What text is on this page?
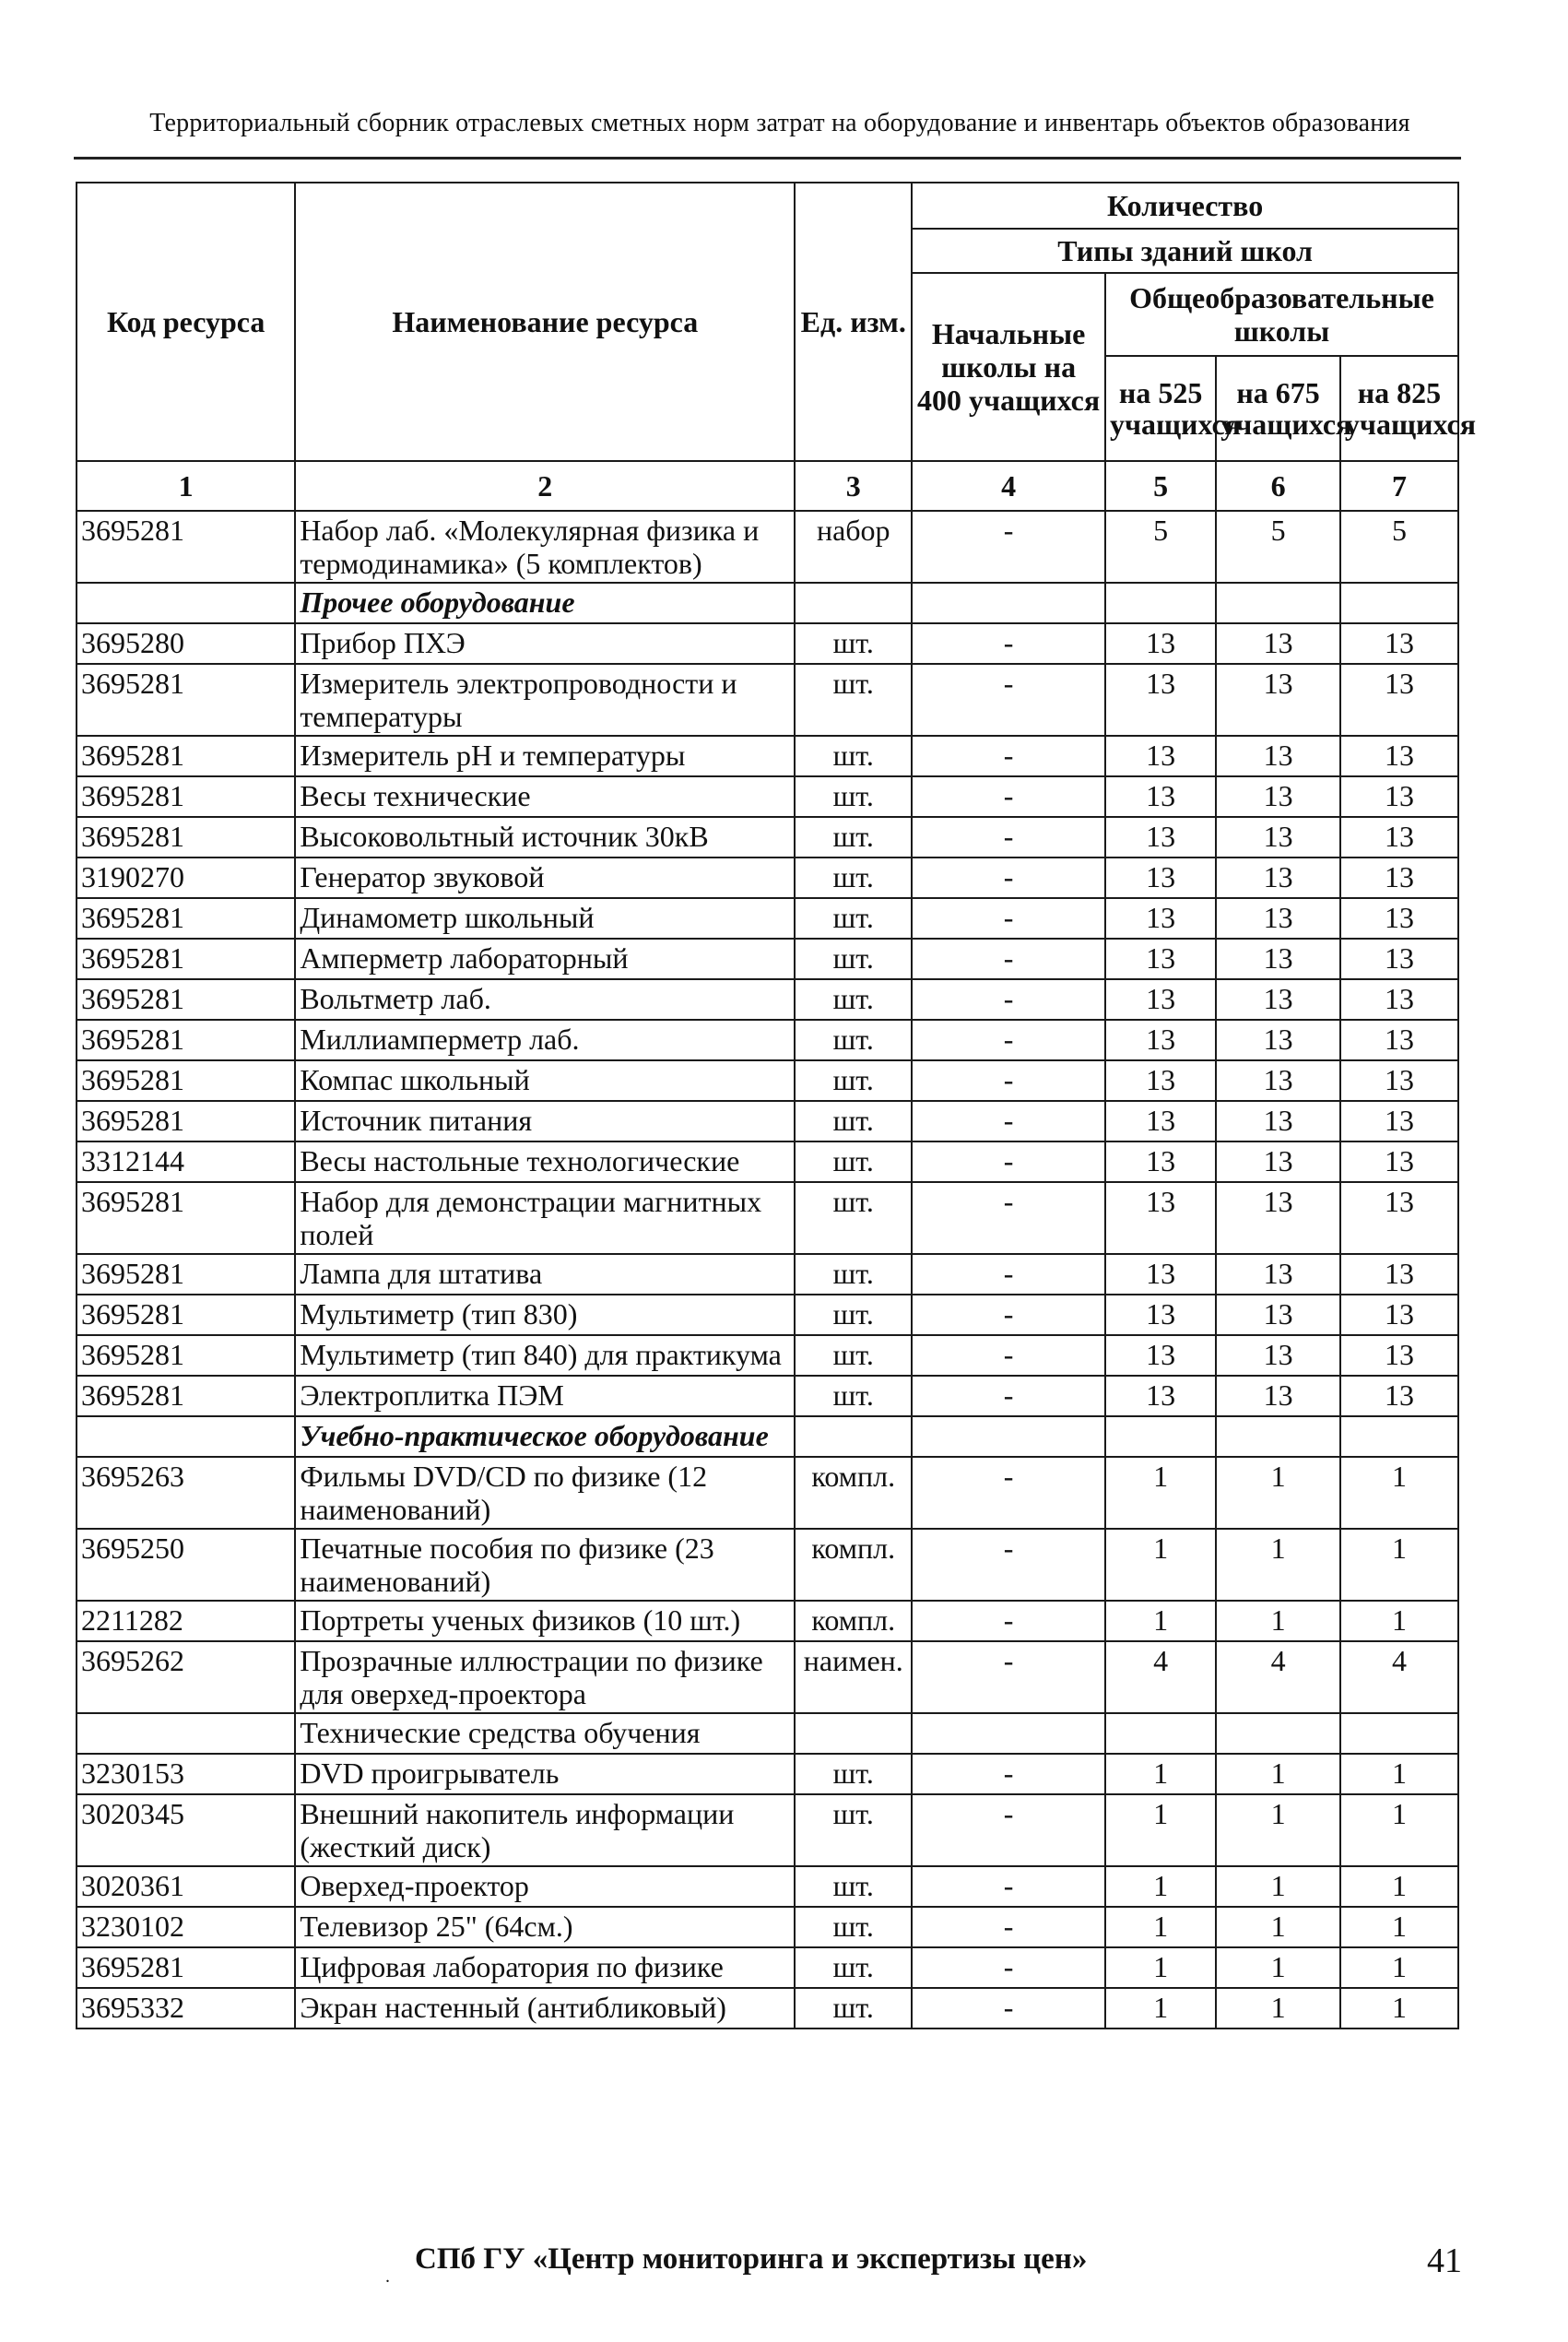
Территориальный сборник отраслевых сметных норм затрат на оборудование и инвентарь объектов образования
Код ресурса	Наименование ресурса	Ед. изм.	Количество			
			Типы зданий школ			
			Начальные школы на 400 учащихся	Общеобразовательные школы		
				на 525 учащихся	на 675 учащихся	на 825 учащихся
1	2	3	4	5	6	7
3695281	Набор лаб. «Молекулярная физика и термодинамика» (5 комплектов)	набор	-	5	5	5
	Прочее оборудование					
3695280	Прибор ПХЭ	шт.	-	13	13	13
3695281	Измеритель электропроводности и температуры	шт.	-	13	13	13
3695281	Измеритель pH и температуры	шт.	-	13	13	13
3695281	Весы технические	шт.	-	13	13	13
3695281	Высоковольтный источник 30кВ	шт.	-	13	13	13
3190270	Генератор звуковой	шт.	-	13	13	13
3695281	Динамометр школьный	шт.	-	13	13	13
3695281	Амперметр лабораторный	шт.	-	13	13	13
3695281	Вольтметр лаб.	шт.	-	13	13	13
3695281	Миллиамперметр лаб.	шт.	-	13	13	13
3695281	Компас школьный	шт.	-	13	13	13
3695281	Источник питания	шт.	-	13	13	13
3312144	Весы настольные технологические	шт.	-	13	13	13
3695281	Набор для демонстрации магнитных полей	шт.	-	13	13	13
3695281	Лампа для штатива	шт.	-	13	13	13
3695281	Мультиметр (тип 830)	шт.	-	13	13	13
3695281	Мультиметр (тип 840) для практикума	шт.	-	13	13	13
3695281	Электроплитка ПЭМ	шт.	-	13	13	13
	Учебно-практическое оборудование					
3695263	Фильмы DVD/CD по физике (12 наименований)	компл.	-	1	1	1
3695250	Печатные пособия по физике (23 наименований)	компл.	-	1	1	1
2211282	Портреты ученых физиков (10 шт.)	компл.	-	1	1	1
3695262	Прозрачные иллюстрации по физике для оверхед-проектора	наимен.	-	4	4	4
	Технические средства обучения					
3230153	DVD проигрыватель	шт.	-	1	1	1
3020345	Внешний накопитель информации (жесткий диск)	шт.	-	1	1	1
3020361	Оверхед-проектор	шт.	-	1	1	1
3230102	Телевизор 25" (64см.)	шт.	-	1	1	1
3695281	Цифровая лаборатория по физике	шт.	-	1	1	1
3695332	Экран настенный (антибликовый)	шт.	-	1	1	1
.
СПб ГУ «Центр мониторинга и экспертизы цен»	41
